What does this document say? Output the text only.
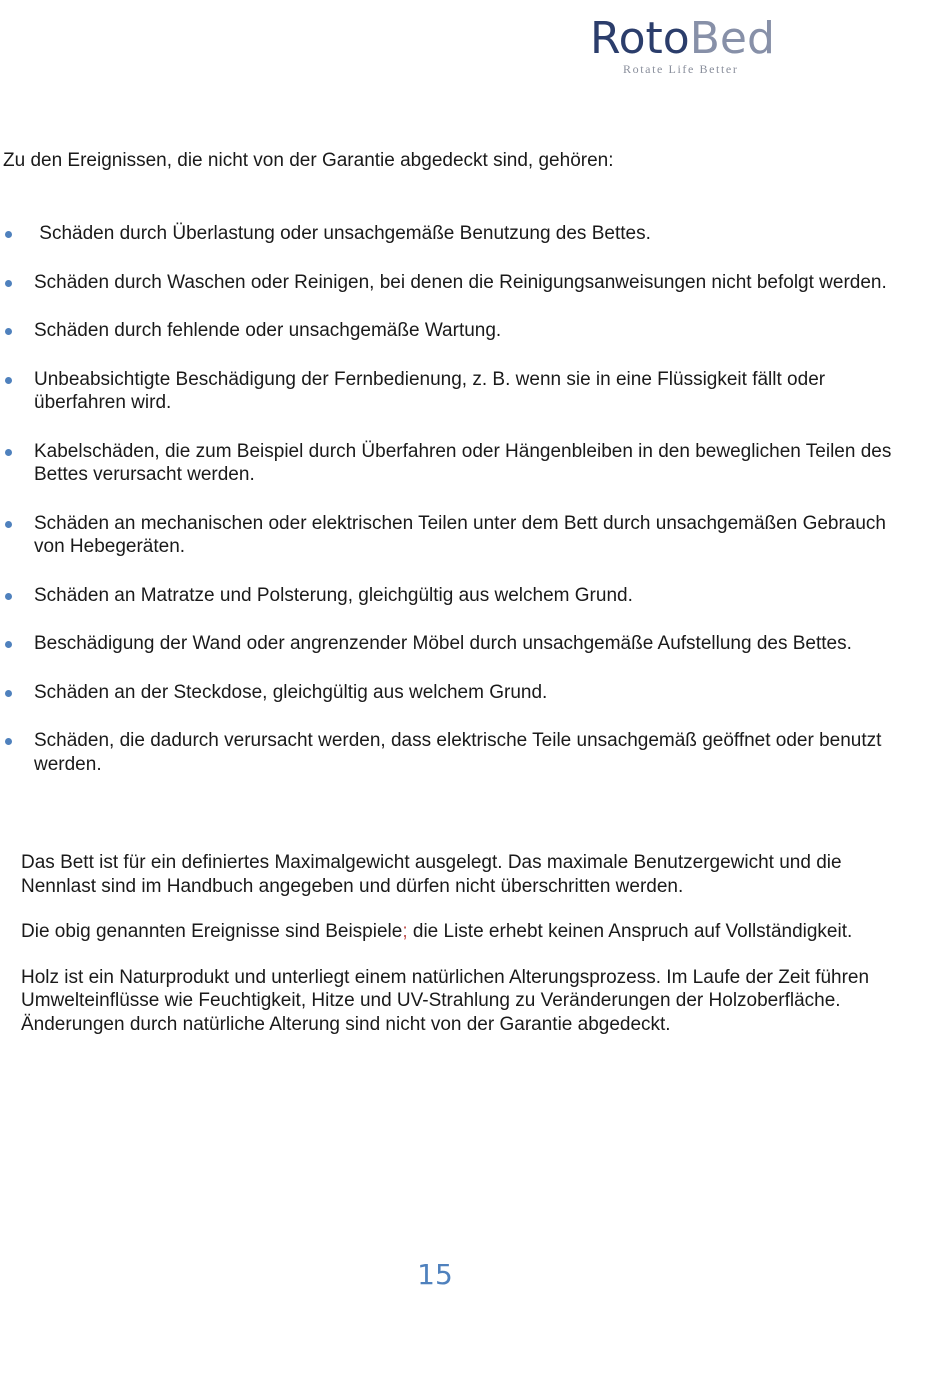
RotoBed
Rotate Life Better

Zu den Ereignissen, die nicht von der Garantie abgedeckt sind, gehören:

Schäden durch Überlastung oder unsachgemäße Benutzung des Bettes.
Schäden durch Waschen oder Reinigen, bei denen die Reinigungsanweisungen nicht befolgt werden.
Schäden durch fehlende oder unsachgemäße Wartung.
Unbeabsichtigte Beschädigung der Fernbedienung, z. B. wenn sie in eine Flüssigkeit fällt oder überfahren wird.
Kabelschäden, die zum Beispiel durch Überfahren oder Hängenbleiben in den beweglichen Teilen des Bettes verursacht werden.
Schäden an mechanischen oder elektrischen Teilen unter dem Bett durch unsachgemäßen Gebrauch von Hebegeräten.
Schäden an Matratze und Polsterung, gleichgültig aus welchem Grund.
Beschädigung der Wand oder angrenzender Möbel durch unsachgemäße Aufstellung des Bettes.
Schäden an der Steckdose, gleichgültig aus welchem Grund.
Schäden, die dadurch verursacht werden, dass elektrische Teile unsachgemäß geöffnet oder benutzt werden.

Das Bett ist für ein definiertes Maximalgewicht ausgelegt. Das maximale Benutzergewicht und die Nennlast sind im Handbuch angegeben und dürfen nicht überschritten werden.

Die obig genannten Ereignisse sind Beispiele; die Liste erhebt keinen Anspruch auf Vollständigkeit.

Holz ist ein Naturprodukt und unterliegt einem natürlichen Alterungsprozess. Im Laufe der Zeit führen Umwelteinflüsse wie Feuchtigkeit, Hitze und UV-Strahlung zu Veränderungen der Holzoberfläche. Änderungen durch natürliche Alterung sind nicht von der Garantie abgedeckt.

15
